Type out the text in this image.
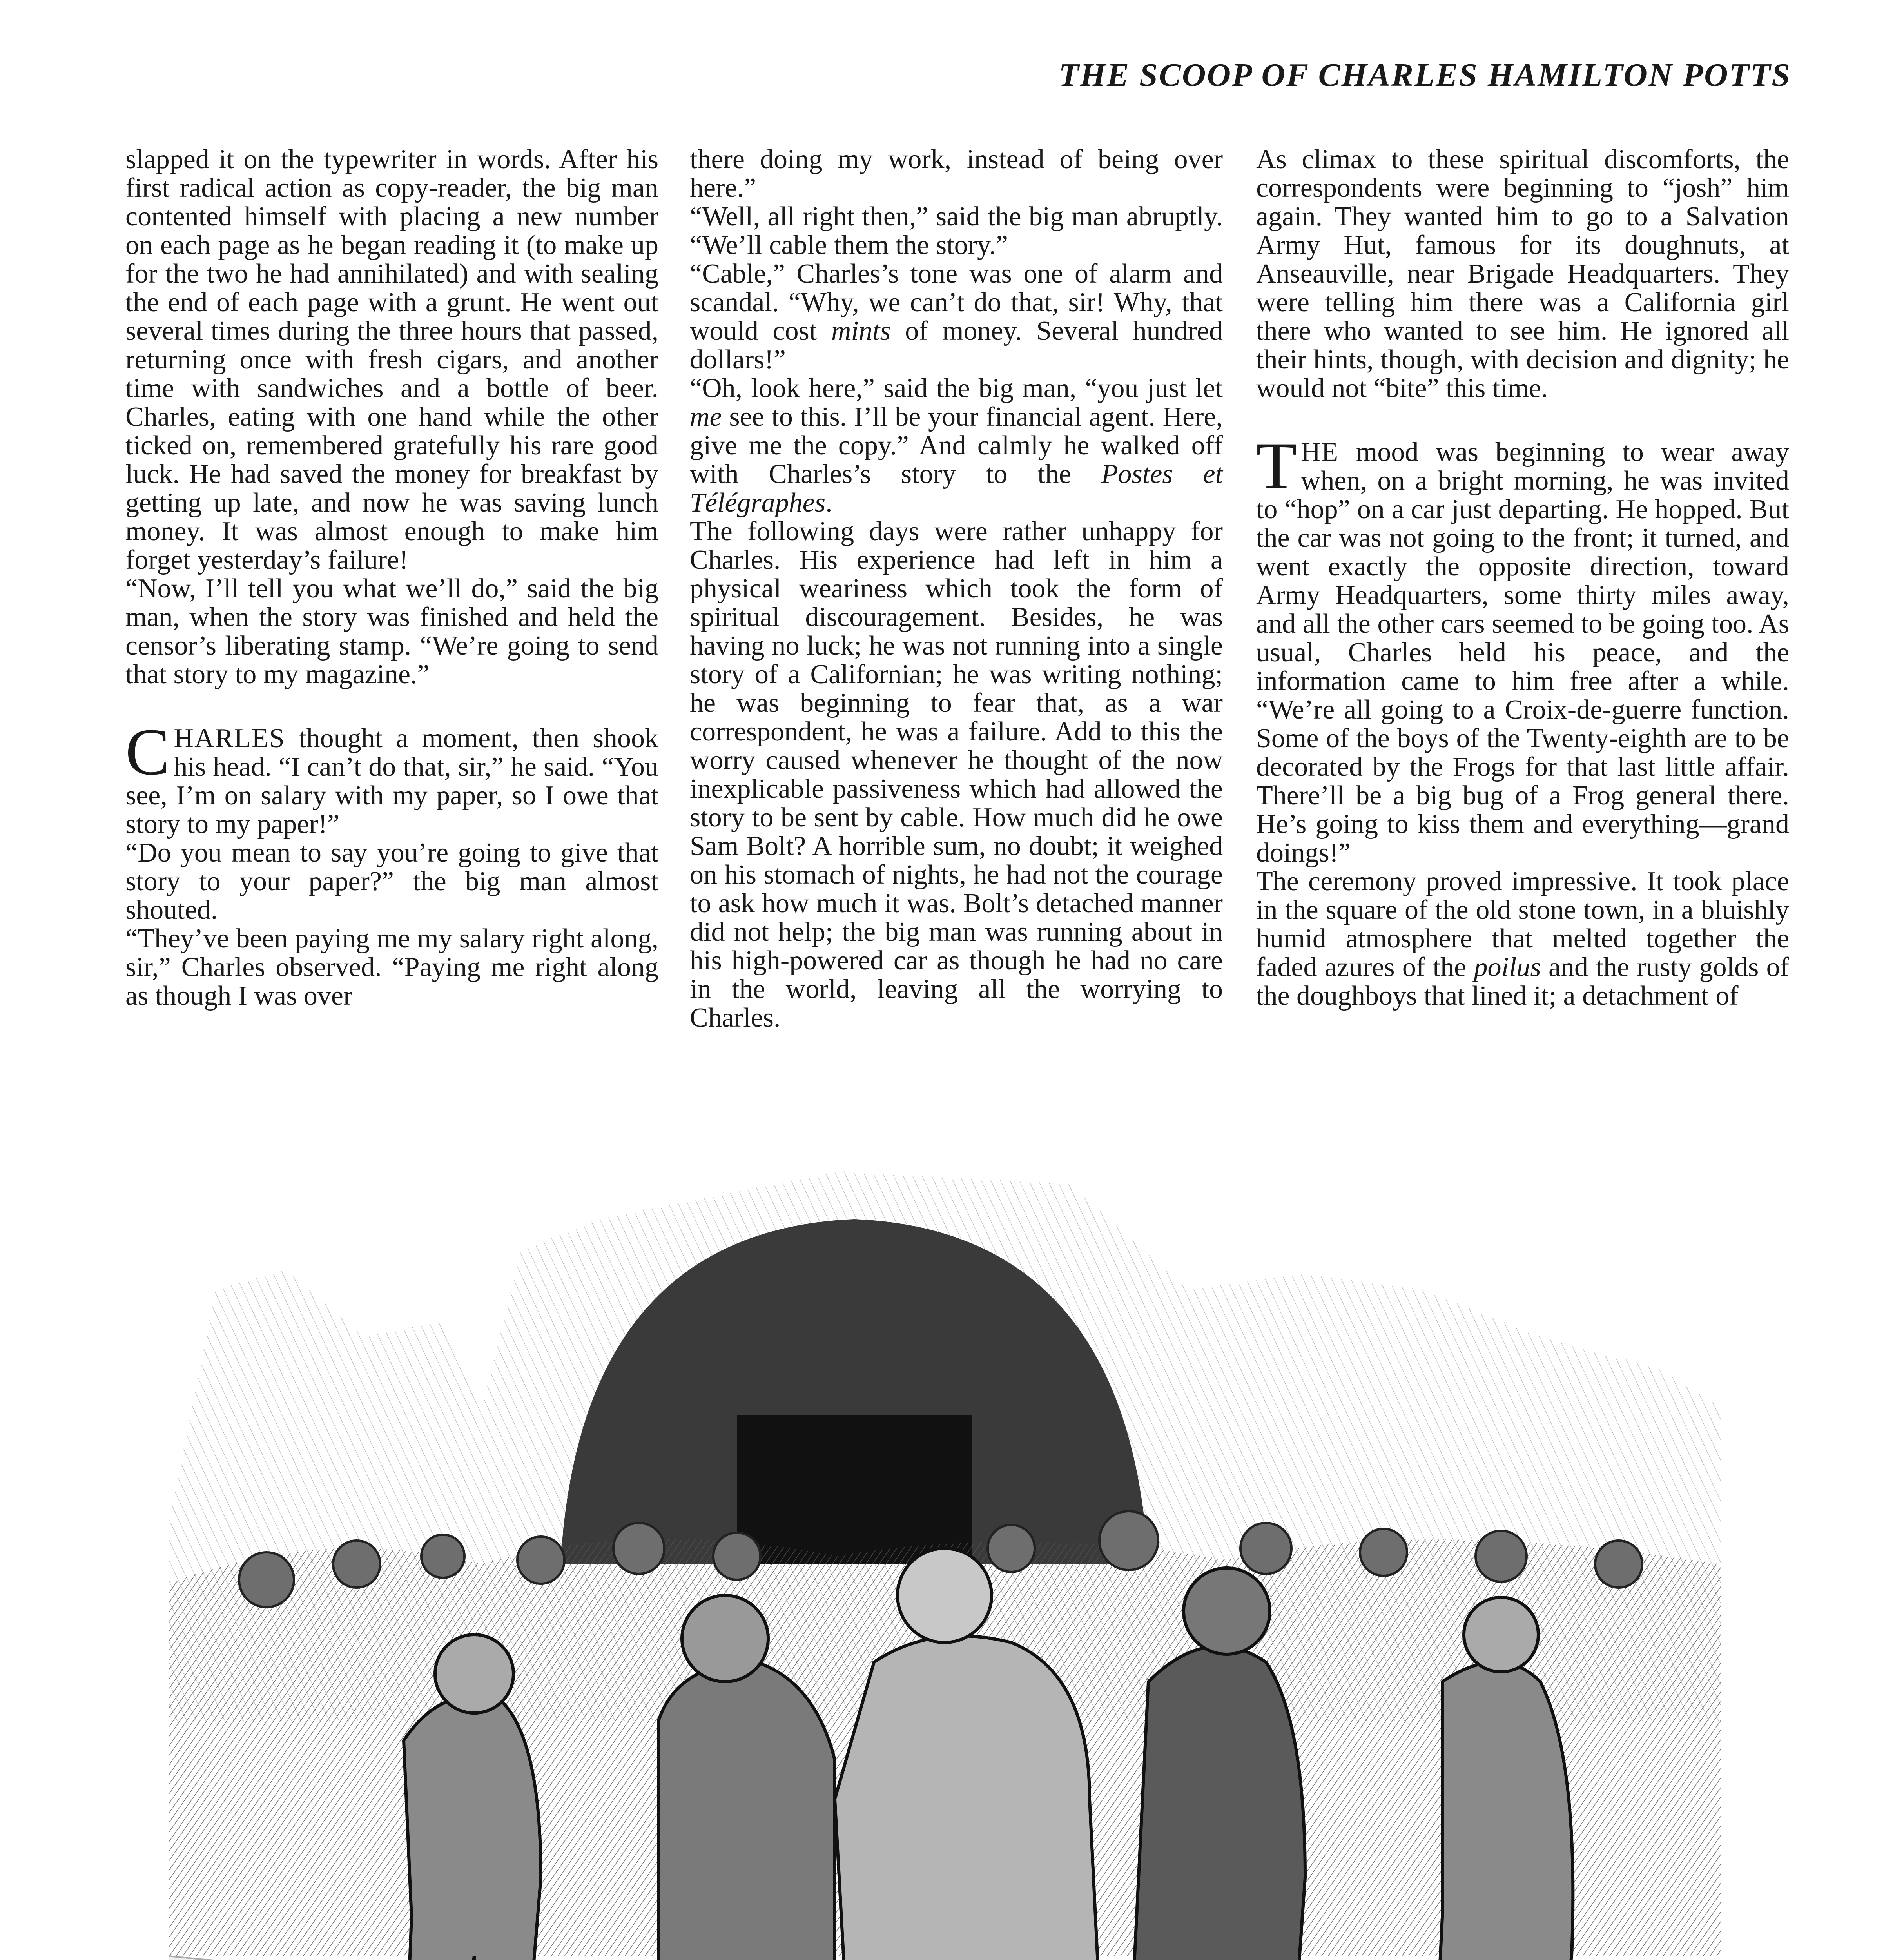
THE SCOOP OF CHARLES HAMILTON POTTS

slapped it on the typewriter in words. After his first radical action as copy-reader, the big man contented himself with placing a new number on each page as he began reading it (to make up for the two he had annihilated) and with sealing the end of each page with a grunt. He went out several times during the three hours that passed, returning once with fresh cigars, and another time with sandwiches and a bottle of beer. Charles, eating with one hand while the other ticked on, remembered gratefully his rare good luck. He had saved the money for breakfast by getting up late, and now he was saving lunch money. It was almost enough to make him forget yesterday’s failure!

“Now, I’ll tell you what we’ll do,” said the big man, when the story was finished and held the censor’s liberating stamp. “We’re going to send that story to my magazine.”

CHARLES thought a moment, then shook his head. “I can’t do that, sir,” he said. “You see, I’m on salary with my paper, so I owe that story to my paper!”

“Do you mean to say you’re going to give that story to your paper?” the big man almost shouted.

“They’ve been paying me my salary right along, sir,” Charles observed. “Paying me right along as though I was over

there doing my work, instead of being over here.”

“Well, all right then,” said the big man abruptly. “We’ll cable them the story.”

“Cable,” Charles’s tone was one of alarm and scandal. “Why, we can’t do that, sir! Why, that would cost mints of money. Several hundred dollars!”

“Oh, look here,” said the big man, “you just let me see to this. I’ll be your financial agent. Here, give me the copy.” And calmly he walked off with Charles’s story to the Postes et Télégraphes.

The following days were rather unhappy for Charles. His experience had left in him a physical weariness which took the form of spiritual discouragement. Besides, he was having no luck; he was not running into a single story of a Californian; he was writing nothing; he was beginning to fear that, as a war correspondent, he was a failure. Add to this the worry caused whenever he thought of the now inexplicable passiveness which had allowed the story to be sent by cable. How much did he owe Sam Bolt? A horrible sum, no doubt; it weighed on his stomach of nights, he had not the courage to ask how much it was. Bolt’s detached manner did not help; the big man was running about in his high-powered car as though he had no care in the world, leaving all the worrying to Charles.

As climax to these spiritual discomforts, the correspondents were beginning to “josh” him again. They wanted him to go to a Salvation Army Hut, famous for its doughnuts, at Anseauville, near Brigade Headquarters. They were telling him there was a California girl there who wanted to see him. He ignored all their hints, though, with decision and dignity; he would not “bite” this time.

THE mood was beginning to wear away when, on a bright morning, he was invited to “hop” on a car just departing. He hopped. But the car was not going to the front; it turned, and went exactly the opposite direction, toward Army Headquarters, some thirty miles away, and all the other cars seemed to be going too. As usual, Charles held his peace, and the information came to him free after a while. “We’re all going to a Croix-de-guerre function. Some of the boys of the Twenty-eighth are to be decorated by the Frogs for that last little affair. There’ll be a big bug of a Frog general there. He’s going to kiss them and everything—grand doings!”

The ceremony proved impressive. It took place in the square of the old stone town, in a bluishly humid atmosphere that melted together the faded azures of the poilus and the rusty golds of the doughboys that lined it; a detachment of
